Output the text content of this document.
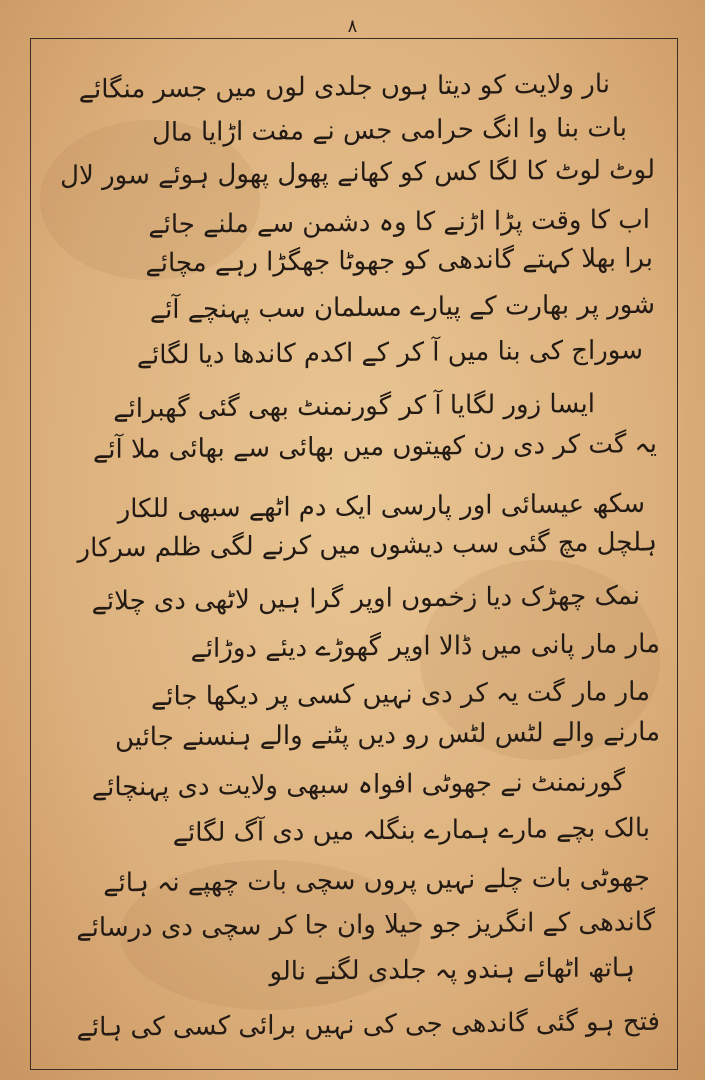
٨
نار ولایت کو دیتا ہوں جلدی لوں میں جسر منگائے
بات بنا وا انگ حرامی جس نے مفت اڑایا مال
لوٹ لوٹ کا لگا کس کو کھانے پھول پھول ہوئے سور لال
اب کا وقت پڑا اڑنے کا وہ دشمن سے ملنے جائے
برا بھلا کہتے گاندھی کو جھوٹا جھگڑا رہے مچائے
شور پر بھارت کے پیارے مسلمان سب پہنچے آئے
سوراج کی بنا میں آ کر کے اکدم کاندھا دیا لگائے
ایسا زور لگایا آ کر گورنمنٹ بھی گئی گھبرائے
یہ گت کر دی رن کھیتوں میں بھائی سے بھائی ملا آئے
سکھ عیسائی اور پارسی ایک دم اٹھے سبھی للکار
ہلچل مچ گئی سب دیشوں میں کرنے لگی ظلم سرکار
نمک چھڑک دیا زخموں اوپر گرا ہیں لاٹھی دی چلائے
مار مار پانی میں ڈالا اوپر گھوڑے دیئے دوڑائے
مار مار گت یہ کر دی نہیں کسی پر دیکھا جائے
مارنے والے لٹس لٹس رو دیں پٹنے والے ہنسنے جائیں
گورنمنٹ نے جھوٹی افواہ سبھی ولایت دی پہنچائے
بالک بچے مارے ہمارے بنگلہ میں دی آگ لگائے
جھوٹی بات چلے نہیں پروں سچی بات چھپے نہ ہائے
گاندھی کے انگریز جو حیلا وان جا کر سچی دی درسائے
ہاتھ اٹھائے ہندو پہ جلدی لگنے نالو
فتح ہو گئی گاندھی جی کی نہیں برائی کسی کی ہائے
